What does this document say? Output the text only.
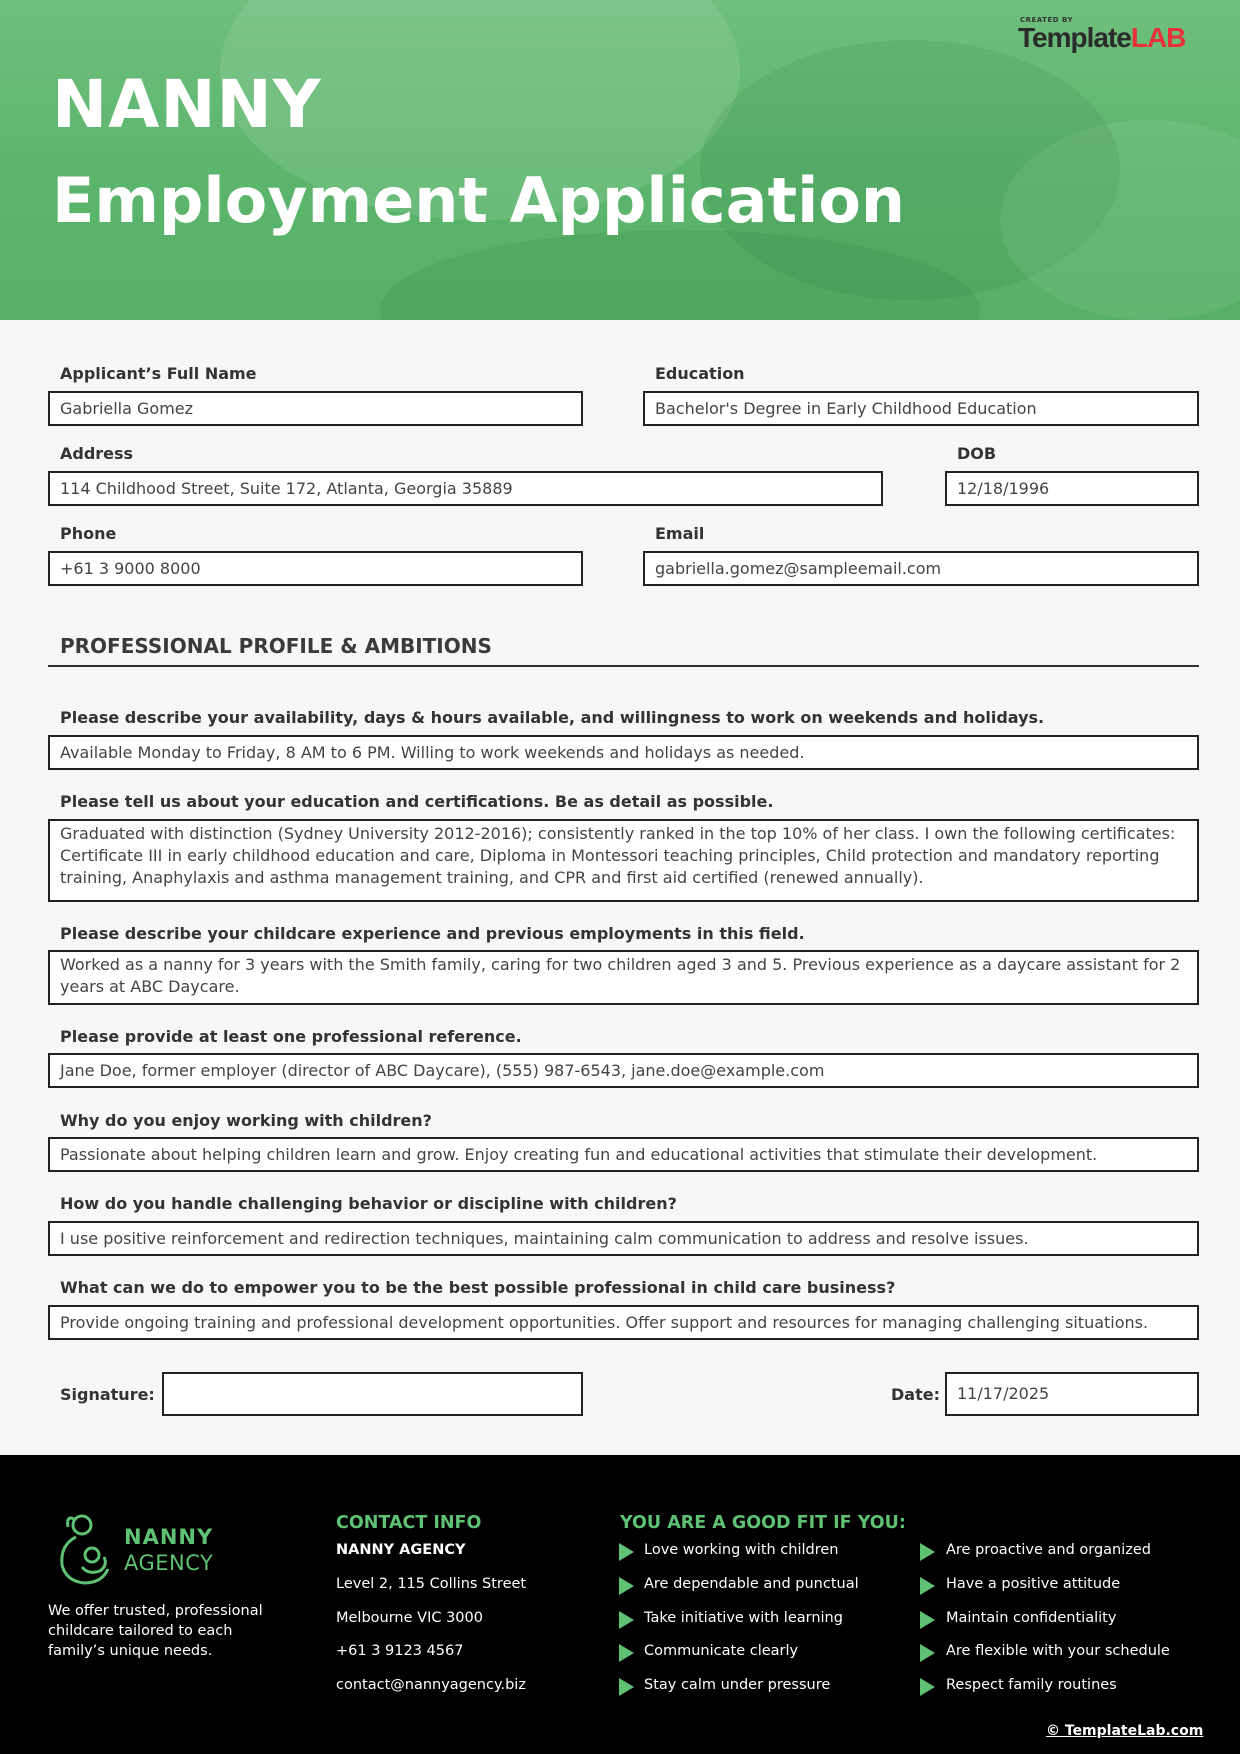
NANNY
Employment Application
CREATED BY
TemplateLAB
Applicant’s Full Name
Gabriella Gomez
Education
Bachelor's Degree in Early Childhood Education
Address
114 Childhood Street, Suite 172, Atlanta, Georgia 35889
DOB
12/18/1996
Phone
+61 3 9000 8000
Email
gabriella.gomez@sampleemail.com
PROFESSIONAL PROFILE & AMBITIONS
Please describe your availability, days & hours available, and willingness to work on weekends and holidays.
Available Monday to Friday, 8 AM to 6 PM. Willing to work weekends and holidays as needed.
Please tell us about your education and certifications. Be as detail as possible.
Graduated with distinction (Sydney University 2012-2016); consistently ranked in the top 10% of her class. I own the following certificates: Certificate III in early childhood education and care, Diploma in Montessori teaching principles, Child protection and mandatory reporting training, Anaphylaxis and asthma management training, and CPR and first aid certified (renewed annually).
Please describe your childcare experience and previous employments in this field.
Worked as a nanny for 3 years with the Smith family, caring for two children aged 3 and 5. Previous experience as a daycare assistant for 2 years at ABC Daycare.
Please provide at least one professional reference.
Jane Doe, former employer (director of ABC Daycare), (555) 987-6543, jane.doe@example.com
Why do you enjoy working with children?
Passionate about helping children learn and grow. Enjoy creating fun and educational activities that stimulate their development.
How do you handle challenging behavior or discipline with children?
I use positive reinforcement and redirection techniques, maintaining calm communication to address and resolve issues.
What can we do to empower you to be the best possible professional in child care business?
Provide ongoing training and professional development opportunities. Offer support and resources for managing challenging situations.
Signature:	Date:	11/17/2025
NANNY
AGENCY
We offer trusted, professional childcare tailored to each family’s unique needs.
CONTACT INFO
NANNY AGENCY
Level 2, 115 Collins Street
Melbourne VIC 3000
+61 3 9123 4567
contact@nannyagency.biz
YOU ARE A GOOD FIT IF YOU:
Love working with children
Are dependable and punctual
Take initiative with learning
Communicate clearly
Stay calm under pressure
Are proactive and organized
Have a positive attitude
Maintain confidentiality
Are flexible with your schedule
Respect family routines
© TemplateLab.com
